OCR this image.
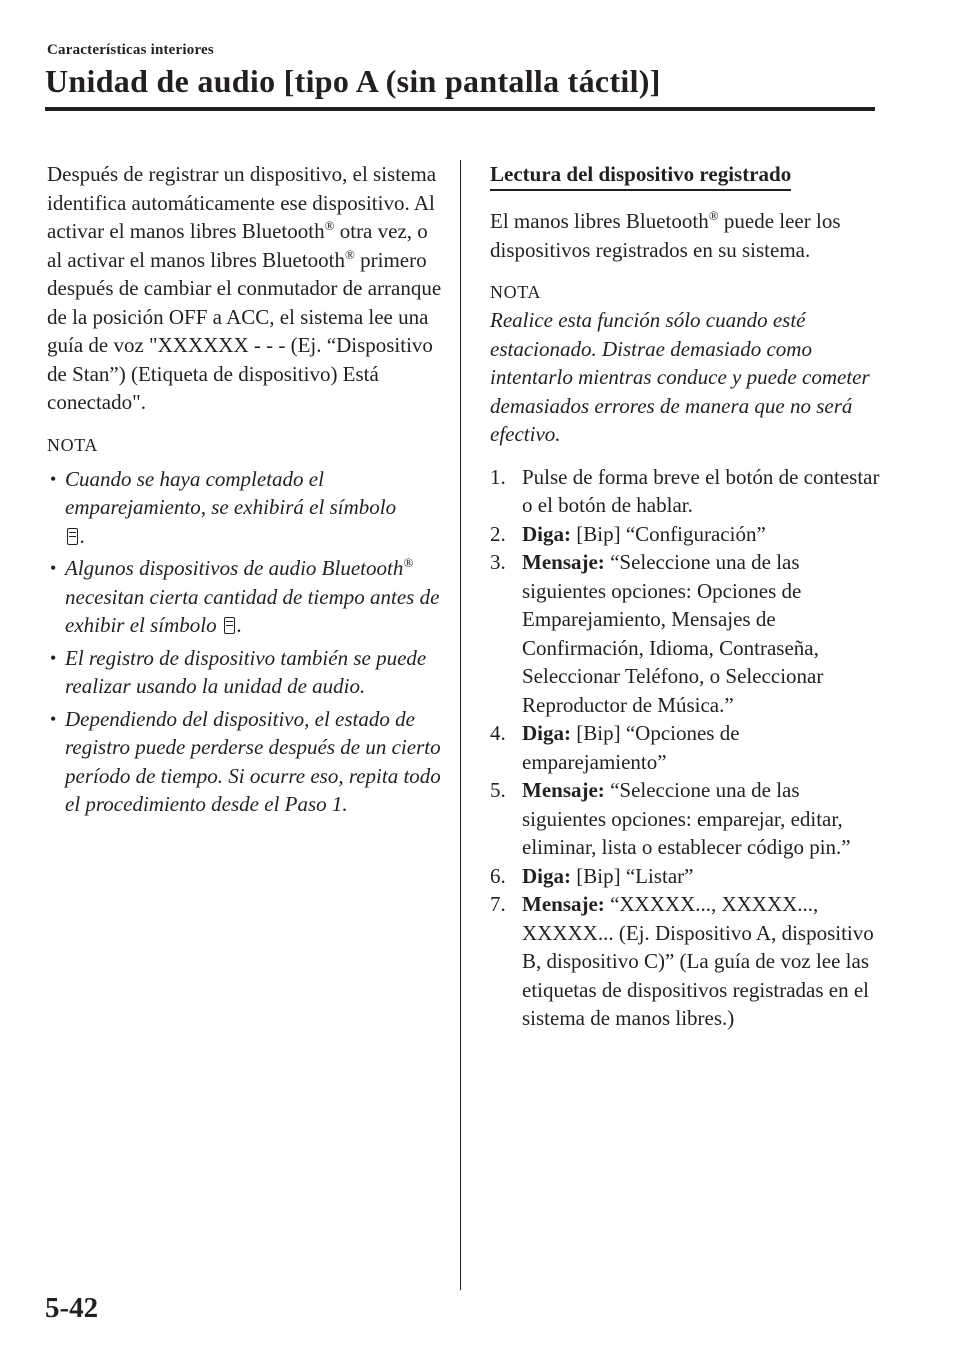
Características interiores
Unidad de audio [tipo A (sin pantalla táctil)]

Después de registrar un dispositivo, el sistema identifica automáticamente ese dispositivo. Al activar el manos libres Bluetooth® otra vez, o al activar el manos libres Bluetooth® primero después de cambiar el conmutador de arranque de la posición OFF a ACC, el sistema lee una guía de voz "XXXXXX - - - (Ej. “Dispositivo de Stan”) (Etiqueta de dispositivo) Está conectado".

NOTA

• Cuando se haya completado el emparejamiento, se exhibirá el símbolo
.
• Algunos dispositivos de audio Bluetooth® necesitan cierta cantidad de tiempo antes de exhibir el símbolo .
• El registro de dispositivo también se puede realizar usando la unidad de audio.
• Dependiendo del dispositivo, el estado de registro puede perderse después de un cierto período de tiempo. Si ocurre eso, repita todo el procedimiento desde el Paso 1.
Lectura del dispositivo registrado

El manos libres Bluetooth® puede leer los dispositivos registrados en su sistema.

NOTA

Realice esta función sólo cuando esté estacionado. Distrae demasiado como intentarlo mientras conduce y puede cometer demasiados errores de manera que no será efectivo.

1. Pulse de forma breve el botón de contestar o el botón de hablar.
2. Diga: [Bip] “Configuración”
3. Mensaje: “Seleccione una de las siguientes opciones: Opciones de Emparejamiento, Mensajes de Confirmación, Idioma, Contraseña, Seleccionar Teléfono, o Seleccionar Reproductor de Música.”
4. Diga: [Bip] “Opciones de emparejamiento”
5. Mensaje: “Seleccione una de las siguientes opciones: emparejar, editar, eliminar, lista o establecer código pin.”
6. Diga: [Bip] “Listar”
7. Mensaje: “XXXXX..., XXXXX..., XXXXX... (Ej. Dispositivo A, dispositivo B, dispositivo C)” (La guía de voz lee las etiquetas de dispositivos registradas en el sistema de manos libres.)
5-42
